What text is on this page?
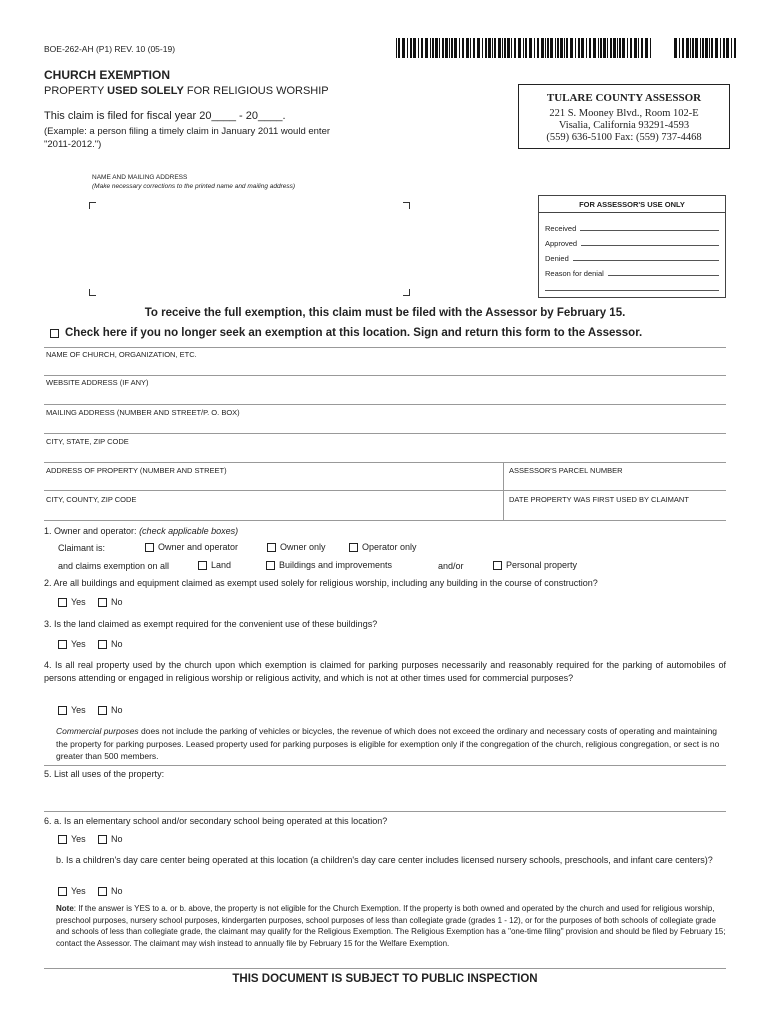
BOE-262-AH (P1) REV. 10 (05-19)
CHURCH EXEMPTION
PROPERTY USED SOLELY FOR RELIGIOUS WORSHIP
This claim is filed for fiscal year 20____ - 20____.
(Example: a person filing a timely claim in January 2011 would enter "2011-2012.")
TULARE COUNTY ASSESSOR
221 S. Mooney Blvd., Room 102-E
Visalia, California 93291-4593
(559) 636-5100 Fax: (559) 737-4468
NAME AND MAILING ADDRESS
(Make necessary corrections to the printed name and mailing address)
FOR ASSESSOR'S USE ONLY
Received
Approved
Denied
Reason for denial
To receive the full exemption, this claim must be filed with the Assessor by February 15.
Check here if you no longer seek an exemption at this location. Sign and return this form to the Assessor.
NAME OF CHURCH, ORGANIZATION, ETC.
WEBSITE ADDRESS (IF ANY)
MAILING ADDRESS (NUMBER AND STREET/P. O. BOX)
CITY, STATE, ZIP CODE
ADDRESS OF PROPERTY (NUMBER AND STREET)	ASSESSOR'S PARCEL NUMBER
CITY, COUNTY, ZIP CODE	DATE PROPERTY WAS FIRST USED BY CLAIMANT
1. Owner and operator: (check applicable boxes)
Claimant is:	Owner and operator	Owner only	Operator only
and claims exemption on all	Land	Buildings and improvements	and/or	Personal property
2. Are all buildings and equipment claimed as exempt used solely for religious worship, including any building in the course of construction?
Yes	No
3. Is the land claimed as exempt required for the convenient use of these buildings?
Yes	No
4. Is all real property used by the church upon which exemption is claimed for parking purposes necessarily and reasonably required for the parking of automobiles of persons attending or engaged in religious worship or religious activity, and which is not at other times used for commercial purposes?
Yes	No
Commercial purposes does not include the parking of vehicles or bicycles, the revenue of which does not exceed the ordinary and necessary costs of operating and maintaining the property for parking purposes. Leased property used for parking purposes is eligible for exemption only if the congregation of the church, religious congregation, or sect is no greater than 500 members.
5. List all uses of the property:
6. a. Is an elementary school and/or secondary school being operated at this location?
Yes	No
b. Is a children's day care center being operated at this location (a children's day care center includes licensed nursery schools, preschools, and infant care centers)?
Yes	No
Note: If the answer is YES to a. or b. above, the property is not eligible for the Church Exemption. If the property is both owned and operated by the church and used for religious worship, preschool purposes, nursery school purposes, kindergarten purposes, school purposes of less than collegiate grade (grades 1 - 12), or for the purposes of both schools of collegiate grade and schools of less than collegiate grade, the claimant may qualify for the Religious Exemption. The Religious Exemption has a "one-time filing" provision and should be filed by February 15; contact the Assessor. The claimant may wish instead to annually file by February 15 for the Welfare Exemption.
THIS DOCUMENT IS SUBJECT TO PUBLIC INSPECTION
